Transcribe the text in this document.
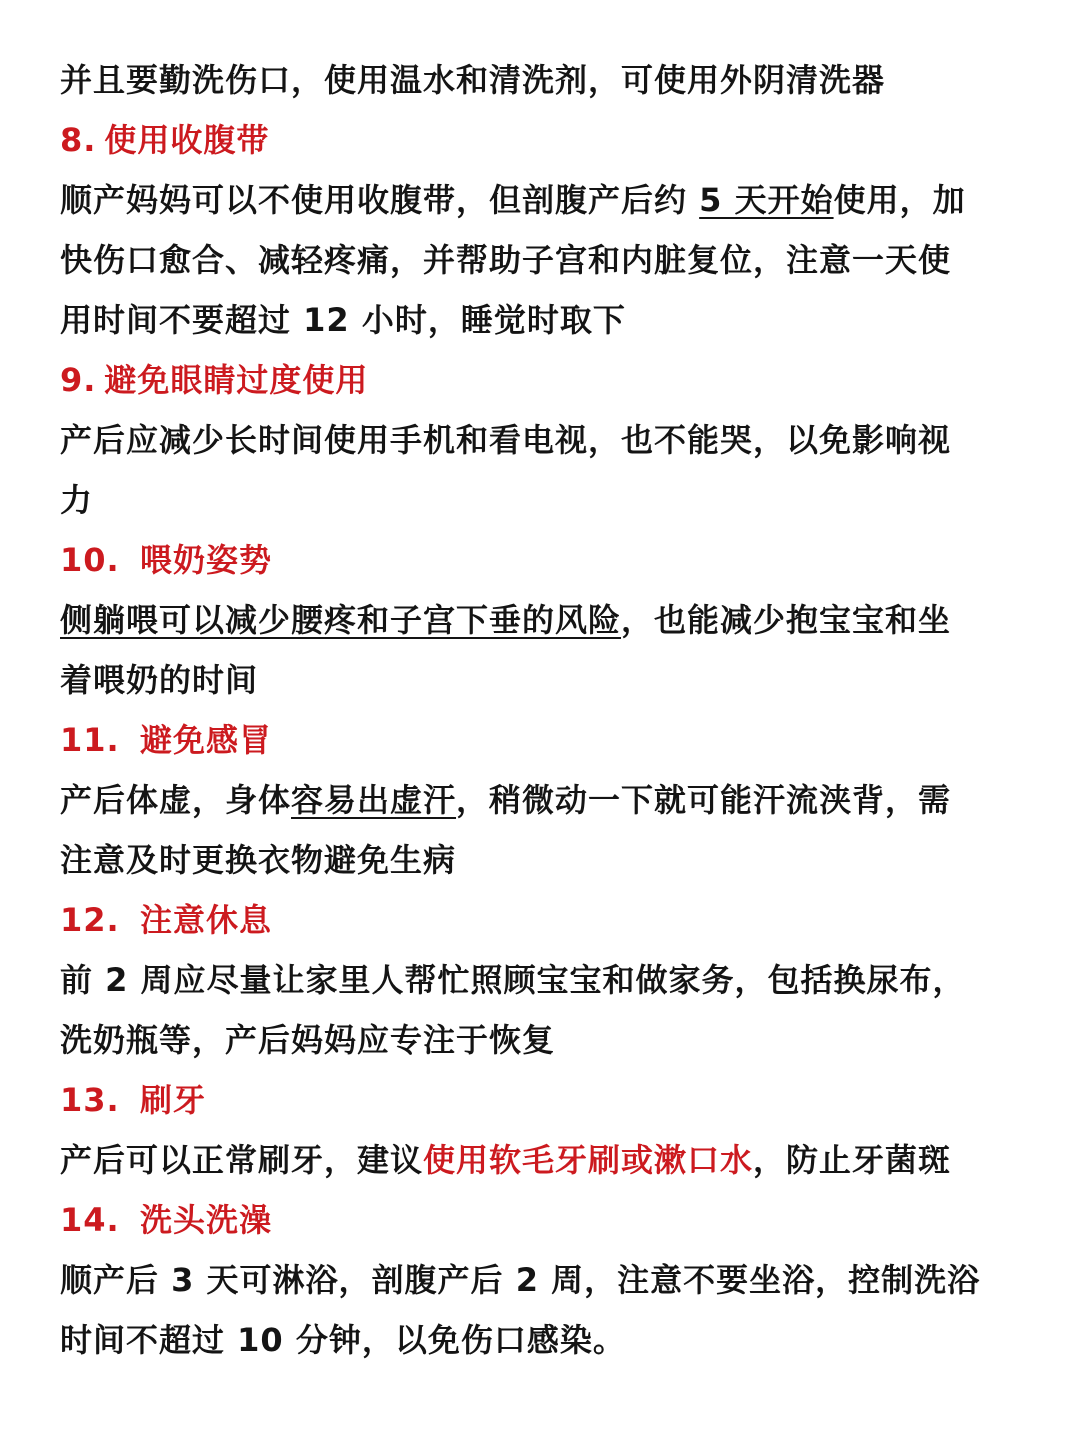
并且要勤洗伤口，使用温水和清洗剂，可使用外阴清洗器
8. 使用收腹带
顺产妈妈可以不使用收腹带，但剖腹产后约 5 天开始使用，加
快伤口愈合、减轻疼痛，并帮助子宫和内脏复位，注意一天使
用时间不要超过 12 小时，睡觉时取下
9. 避免眼睛过度使用
产后应减少长时间使用手机和看电视，也不能哭，以免影响视
力
10. 喂奶姿势
侧躺喂可以减少腰疼和子宫下垂的风险，也能减少抱宝宝和坐
着喂奶的时间
11. 避免感冒
产后体虚，身体容易出虚汗，稍微动一下就可能汗流浃背，需
注意及时更换衣物避免生病
12. 注意休息
前 2 周应尽量让家里人帮忙照顾宝宝和做家务，包括换尿布，
洗奶瓶等，产后妈妈应专注于恢复
13. 刷牙
产后可以正常刷牙，建议使用软毛牙刷或漱口水，防止牙菌斑
14. 洗头洗澡
顺产后 3 天可淋浴，剖腹产后 2 周，注意不要坐浴，控制洗浴
时间不超过 10 分钟，以免伤口感染。
